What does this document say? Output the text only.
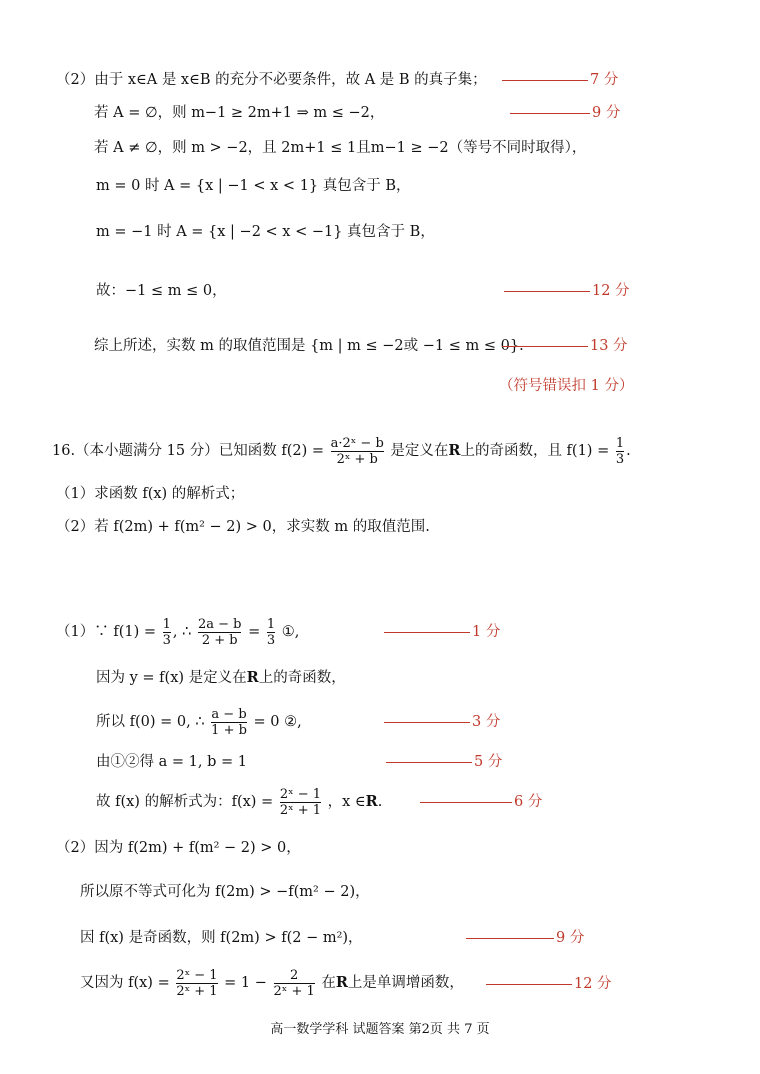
（2）由于 x∈A 是 x∈B 的充分不必要条件，故 A 是 B 的真子集；	7 分
若 A = ∅，则 m−1 ≥ 2m+1 ⇒ m ≤ −2，	9 分
若 A ≠ ∅，则 m > −2，且 2m+1 ≤ 1且m−1 ≥ −2（等号不同时取得），
m = 0 时 A = {x | −1 < x < 1} 真包含于 B，
m = −1 时 A = {x | −2 < x < −1} 真包含于 B，
故：−1 ≤ m ≤ 0，	12 分
综上所述，实数 m 的取值范围是 {m | m ≤ −2或 −1 ≤ m ≤ 0}.	13 分
（符号错误扣 1 分）
16.（本小题满分 15 分）已知函数 $f(2) = \frac{\text{a·2ˣ − b}}{\text{2ˣ + b}}$ 是定义在R上的奇函数，且 $f(1) = \frac{1}{3}$ .
（1）求函数 f(x) 的解析式；
（2）若 f(2m) + f(m² − 2) > 0，求实数 m 的取值范围.
（1）∵ $f(1) = \frac{1}{3}$ , ∴ $\frac{2a - b}{2 + b} = \frac{1}{3}$ ①,	1 分
因为 y = f(x) 是定义在R上的奇函数，
所以 f(0) = 0, ∴ $\frac{a - b}{1 + b} = 0$ ②,	3 分
由①②得 a = 1, b = 1	5 分
故 f(x) 的解析式为：$f(x) = \frac{\text{2ˣ − 1}}{\text{2ˣ + 1}}$ ，x ∈R.	6 分
（2）因为 f(2m) + f(m² − 2) > 0，
所以原不等式可化为 f(2m) > −f(m² − 2)，
因 f(x) 是奇函数，则 f(2m) > f(2 − m²)，	9 分
又因为 $f(x) = \frac{\text{2ˣ − 1}}{\text{2ˣ + 1}} = 1 - \frac{2}{\text{2ˣ + 1}}$ 在R上是单调增函数，	12 分
高一数学学科 试题答案 第2页 共 7 页
